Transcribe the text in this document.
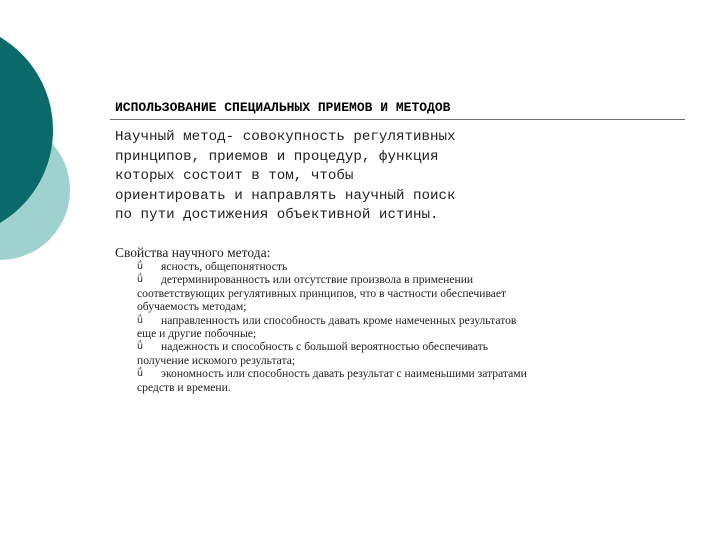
ИСПОЛЬЗОВАНИЕ СПЕЦИАЛЬНЫХ ПРИЕМОВ И МЕТОДОВ
Научный метод- совокупность регулятивных
принципов, приемов и процедур, функция
которых состоит в том, чтобы
ориентировать и направлять научный поиск
по пути достижения объективной истины.
Свойства научного метода:
ǘ	ясность, общепонятность
ǘ	детерминированность или отсутствие произвола в применении
соответствующих регулятивных принципов, что в частности обеспечивает
обучаемость методам;
ǘ	направленность или способность давать кроме намеченных результатов
еще и другие побочные;
ǘ	надежность и способность с большой вероятностью обеспечивать
получение искомого результата;
ǘ	экономность или способность давать результат с наименьшими затратами
средств и времени.
